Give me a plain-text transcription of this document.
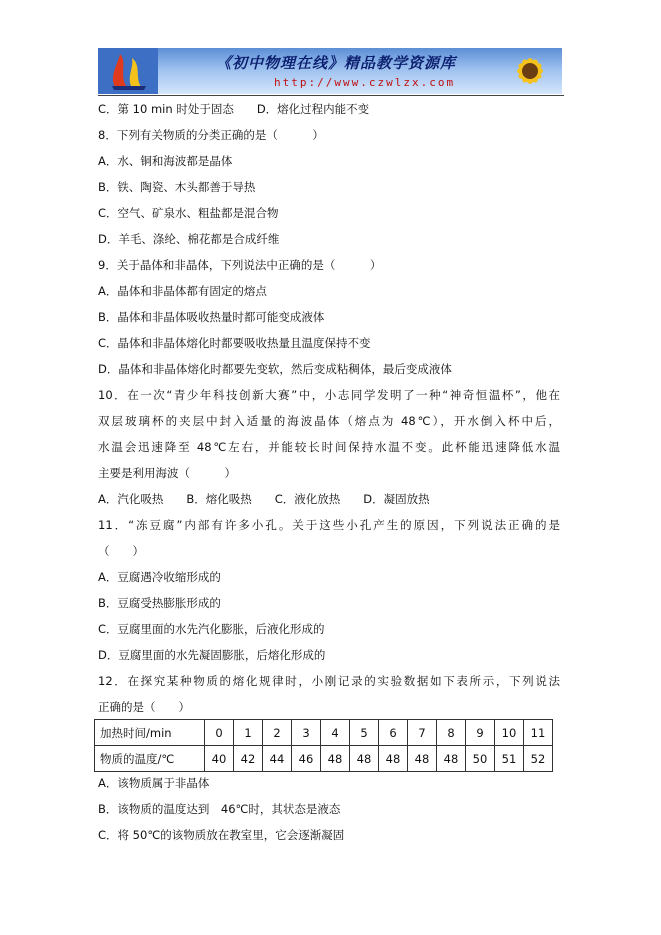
《初中物理在线》精品教学资源库
http://www.czwlzx.com
C．第 10 min 时处于固态　　D．熔化过程内能不变
8．下列有关物质的分类正确的是（　　　）
A．水、铜和海波都是晶体
B．铁、陶瓷、木头都善于导热
C．空气、矿泉水、粗盐都是混合物
D．羊毛、涤纶、棉花都是合成纤维
9．关于晶体和非晶体，下列说法中正确的是（　　　）
A．晶体和非晶体都有固定的熔点
B．晶体和非晶体吸收热量时都可能变成液体
C．晶体和非晶体熔化时都要吸收热量且温度保持不变
D．晶体和非晶体熔化时都要先变软，然后变成粘稠体，最后变成液体
10．在一次“青少年科技创新大赛”中，小志同学发明了一种“神奇恒温杯”，他在
双层玻璃杯的夹层中封入适量的海波晶体（熔点为 48℃），开水倒入杯中后，
水温会迅速降至 48℃左右，并能较长时间保持水温不变。此杯能迅速降低水温
主要是利用海波（　　　）
A．汽化吸热　　B．熔化吸热　　C．液化放热　　D．凝固放热
11．“冻豆腐”内部有许多小孔。关于这些小孔产生的原因，下列说法正确的是
（　　）
A．豆腐遇冷收缩形成的
B．豆腐受热膨胀形成的
C．豆腐里面的水先汽化膨胀，后液化形成的
D．豆腐里面的水先凝固膨胀，后熔化形成的
12．在探究某种物质的熔化规律时，小刚记录的实验数据如下表所示，下列说法
正确的是（　　）
加热时间/min	0	1	2	3	4	5	6	7	8	9	10	11
物质的温度/℃	40	42	44	46	48	48	48	48	48	50	51	52
A．该物质属于非晶体
B．该物质的温度达到　46℃时，其状态是液态
C．将 50℃的该物质放在教室里，它会逐渐凝固
